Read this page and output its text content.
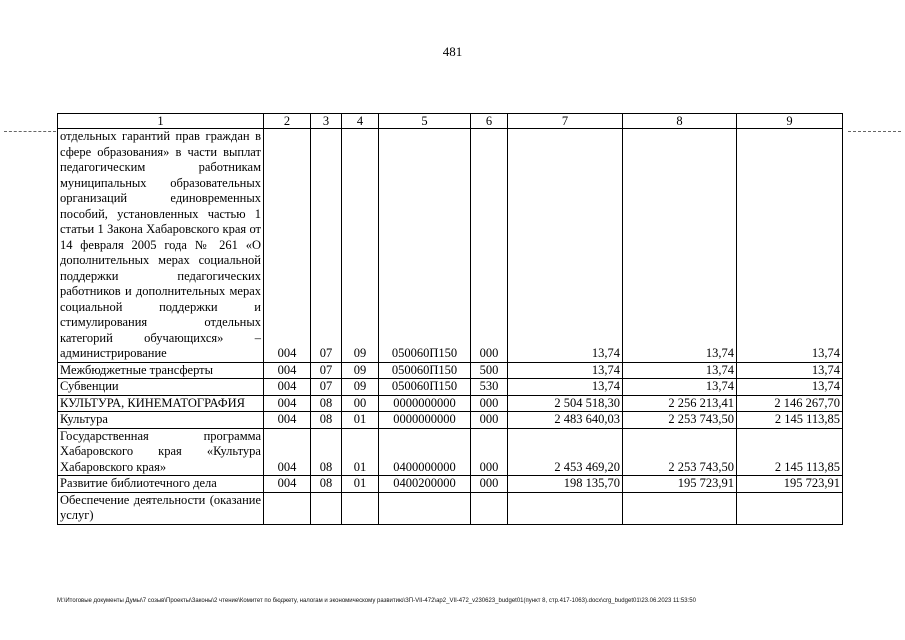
481
1	2	3	4	5	6	7	8	9
отдельных гарантий прав граждан в сфере образования» в части выплат педагогическим работникам муниципальных образовательных организаций единовременных пособий, установленных частью 1 статьи 1 Закона Хабаровского края от 14 февраля 2005 года № 261 «О дополнительных мерах социальной поддержки педагогических работников и дополнительных мерах социальной поддержки и стимулирования отдельных категорий обучающихся» – администрирование	004	07	09	050060П150	000	13,74	13,74	13,74
Межбюджетные трансферты	004	07	09	050060П150	500	13,74	13,74	13,74
Субвенции	004	07	09	050060П150	530	13,74	13,74	13,74
КУЛЬТУРА, КИНЕМАТОГРАФИЯ	004	08	00	0000000000	000	2 504 518,30	2 256 213,41	2 146 267,70
Культура	004	08	01	0000000000	000	2 483 640,03	2 253 743,50	2 145 113,85
Государственная программа Хабаровского края «Культура Хабаровского края»	004	08	01	0400000000	000	2 453 469,20	2 253 743,50	2 145 113,85
Развитие библиотечного дела	004	08	01	0400200000	000	198 135,70	195 723,91	195 723,91
Обеспечение деятельности (оказание услуг)								
M:\Итоговые документы Думы\7 созыв\Проекты\Законы\2 чтение\Комитет по бюджету, налогам и экономическому развитию\ЗП-VII-472\ар2_VII-472_v230623_budget01(пункт 8, стр.417-1063).docx\crg_budget01\23.06.2023 11:53:50
